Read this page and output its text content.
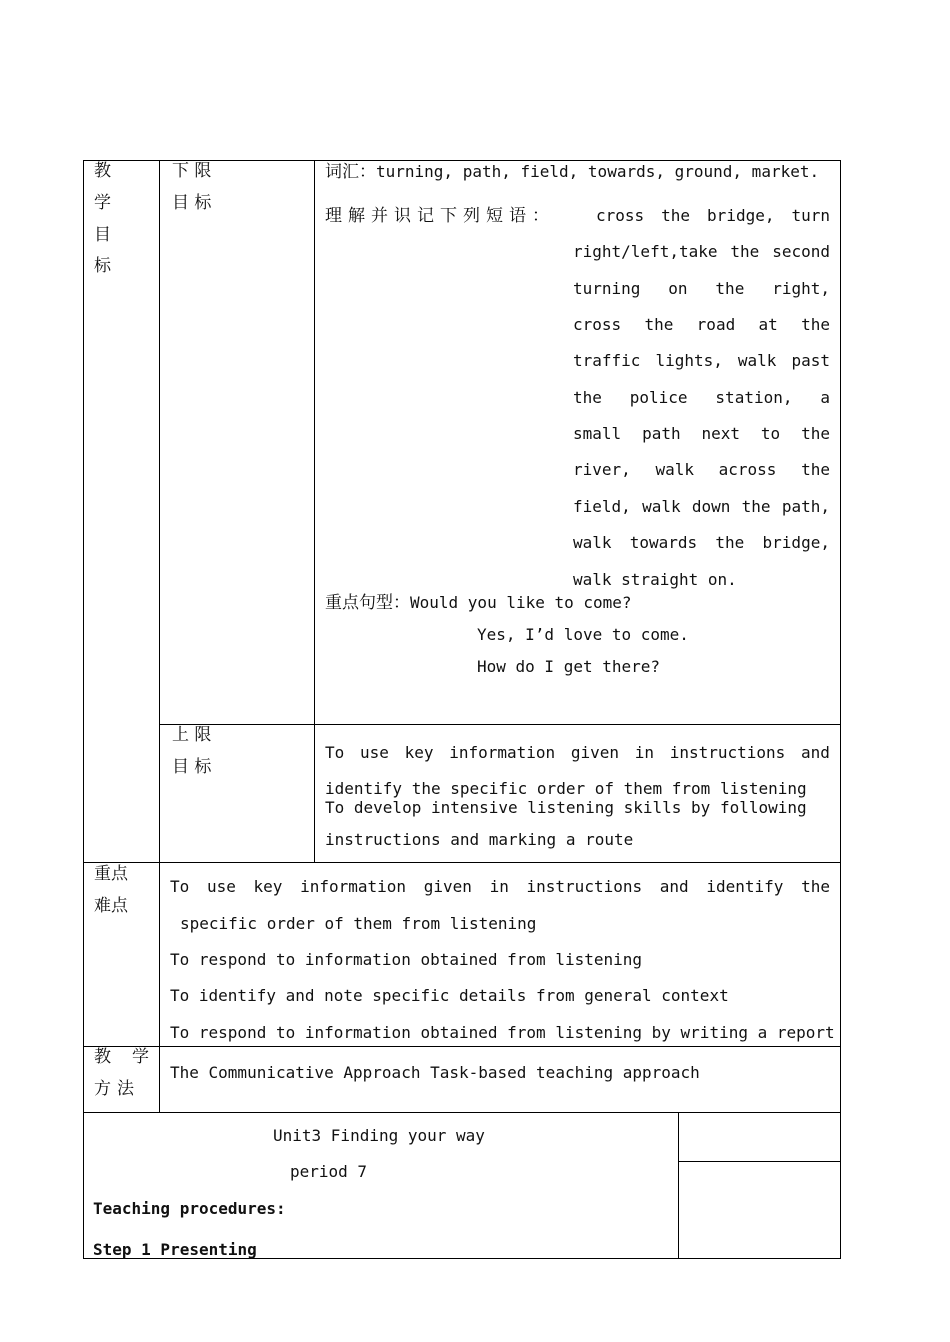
教
学
目
标
下 限
目 标
词汇：turning, path, field, towards, ground, market.
理解并识记下列短语：	cross the bridge, turn
right/left,take the second
turning on the right,
cross the road at the
traffic lights, walk past
the police station, a
small path next to the
river, walk across the
field, walk down the path,
walk towards the bridge,
walk straight on.
重点句型：Would you like to come?
Yes, I’d love to come.
How do I get there?
上 限
目 标
To use key information given in instructions and
identify the specific order of them from listening
To develop intensive listening skills by following
instructions and marking a route
重点
难点
To use key information given in instructions and identify the
specific order of them from listening
To respond to information obtained from listening
To identify and note specific details from general context
To respond to information obtained from listening by writing a report
教 学
方 法
The Communicative Approach Task-based teaching approach
Unit3 Finding your way
period 7
Teaching procedures:
Step 1 Presenting
